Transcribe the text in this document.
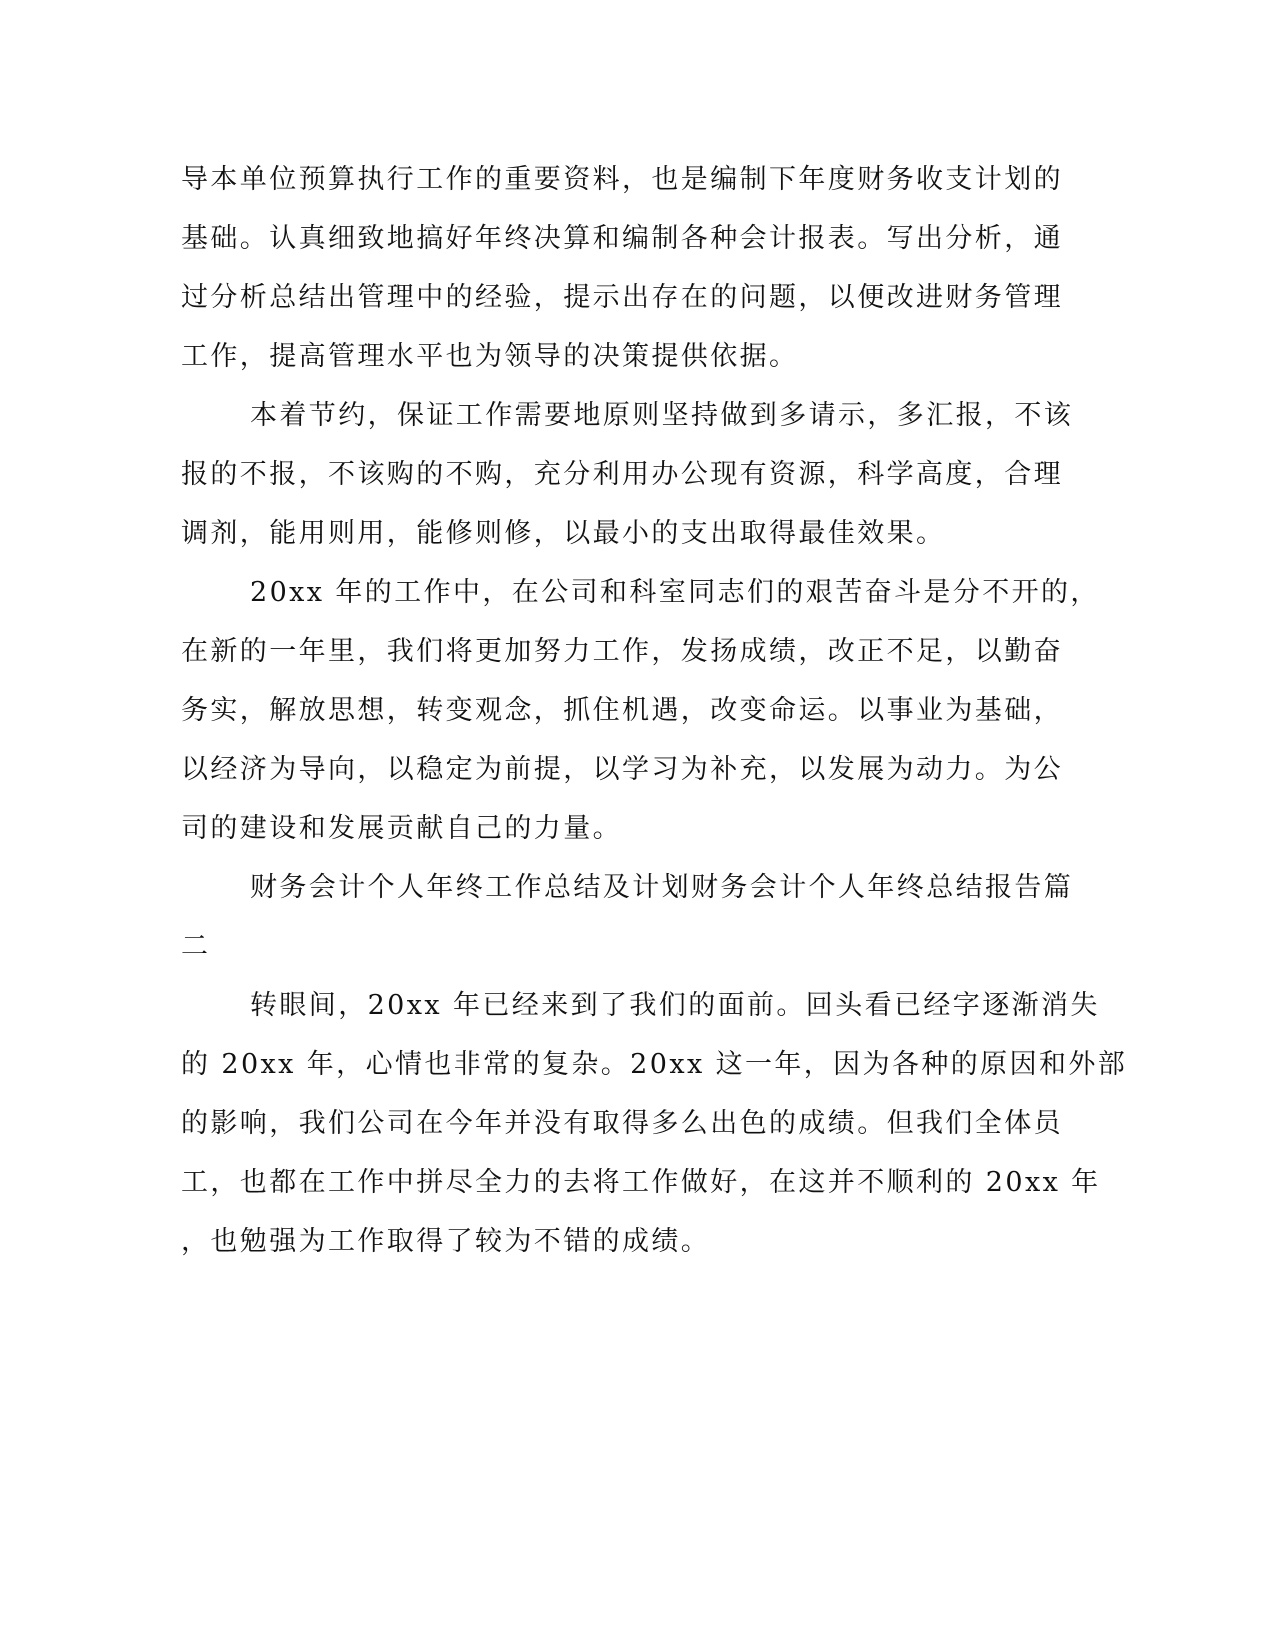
导本单位预算执行工作的重要资料，也是编制下年度财务收支计划的
基础。认真细致地搞好年终决算和编制各种会计报表。写出分析，通
过分析总结出管理中的经验，提示出存在的问题，以便改进财务管理
工作，提高管理水平也为领导的决策提供依据。
本着节约，保证工作需要地原则坚持做到多请示，多汇报，不该
报的不报，不该购的不购，充分利用办公现有资源，科学高度，合理
调剂，能用则用，能修则修，以最小的支出取得最佳效果。
20xx 年的工作中，在公司和科室同志们的艰苦奋斗是分不开的，
在新的一年里，我们将更加努力工作，发扬成绩，改正不足，以勤奋
务实，解放思想，转变观念，抓住机遇，改变命运。以事业为基础，
以经济为导向，以稳定为前提，以学习为补充，以发展为动力。为公
司的建设和发展贡献自己的力量。
财务会计个人年终工作总结及计划财务会计个人年终总结报告篇
二
转眼间，20xx 年已经来到了我们的面前。回头看已经字逐渐消失
的 20xx 年，心情也非常的复杂。20xx 这一年，因为各种的原因和外部
的影响，我们公司在今年并没有取得多么出色的成绩。但我们全体员
工，也都在工作中拼尽全力的去将工作做好，在这并不顺利的 20xx 年
，也勉强为工作取得了较为不错的成绩。
